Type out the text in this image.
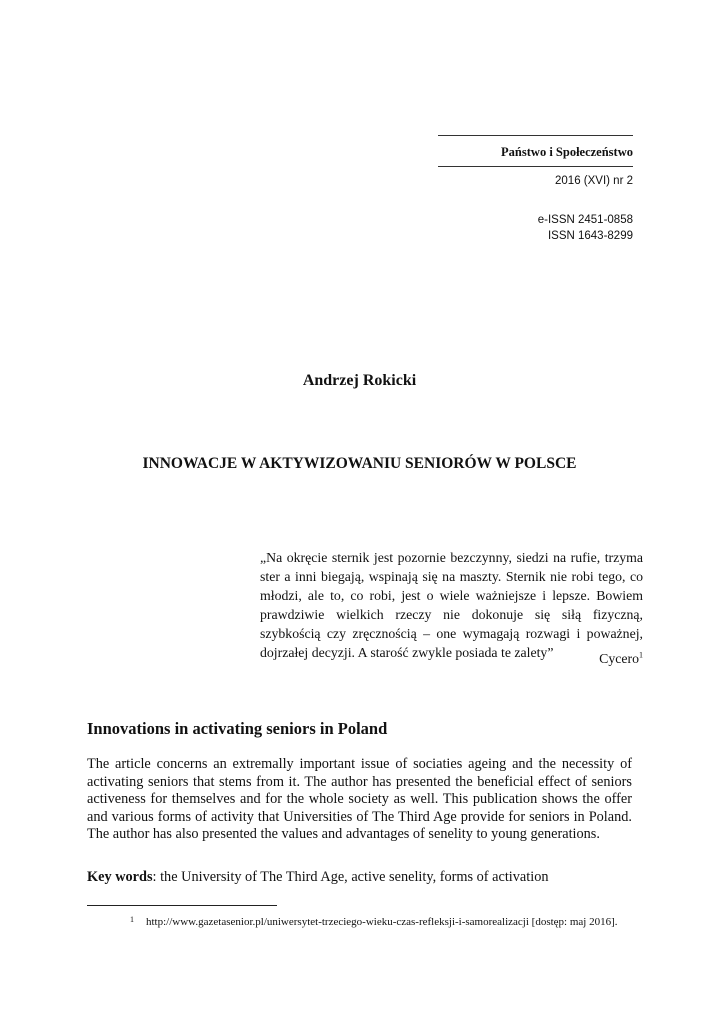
Państwo i Społeczeństwo
2016 (XVI) nr 2
e-ISSN 2451-0858
ISSN 1643-8299
Andrzej Rokicki
INNOWACJE W AKTYWIZOWANIU SENIORÓW W POLSCE
„Na okręcie sternik jest pozornie bezczynny, siedzi na rufie, trzyma ster a inni biegają, wspinają się na maszty. Sternik nie robi tego, co młodzi, ale to, co robi, jest o wiele ważniejsze i lepsze. Bowiem prawdziwie wielkich rzeczy nie dokonuje się siłą fizyczną, szybkością czy zręcznością – one wymagają rozwagi i poważnej, dojrzałej decyzji. A starość zwykle posiada te zalety”	Cycero$^1$
Innovations in activating seniors in Poland
The article concerns an extremally important issue of sociaties ageing and the necessity of activating seniors that stems from it. The author has presented the beneficial effect of seniors activeness for themselves and for the whole society as well. This publication shows the offer and various forms of activity that Universities of The Third Age provide for seniors in Poland. The author has also presented the values and advantages of senelity to young generations.
Key words: the University of The Third Age, active senelity, forms of activation
1 http://www.gazetasenior.pl/uniwersytet-trzeciego-wieku-czas-refleksji-i-samorealizacji [dostęp: maj 2016].
